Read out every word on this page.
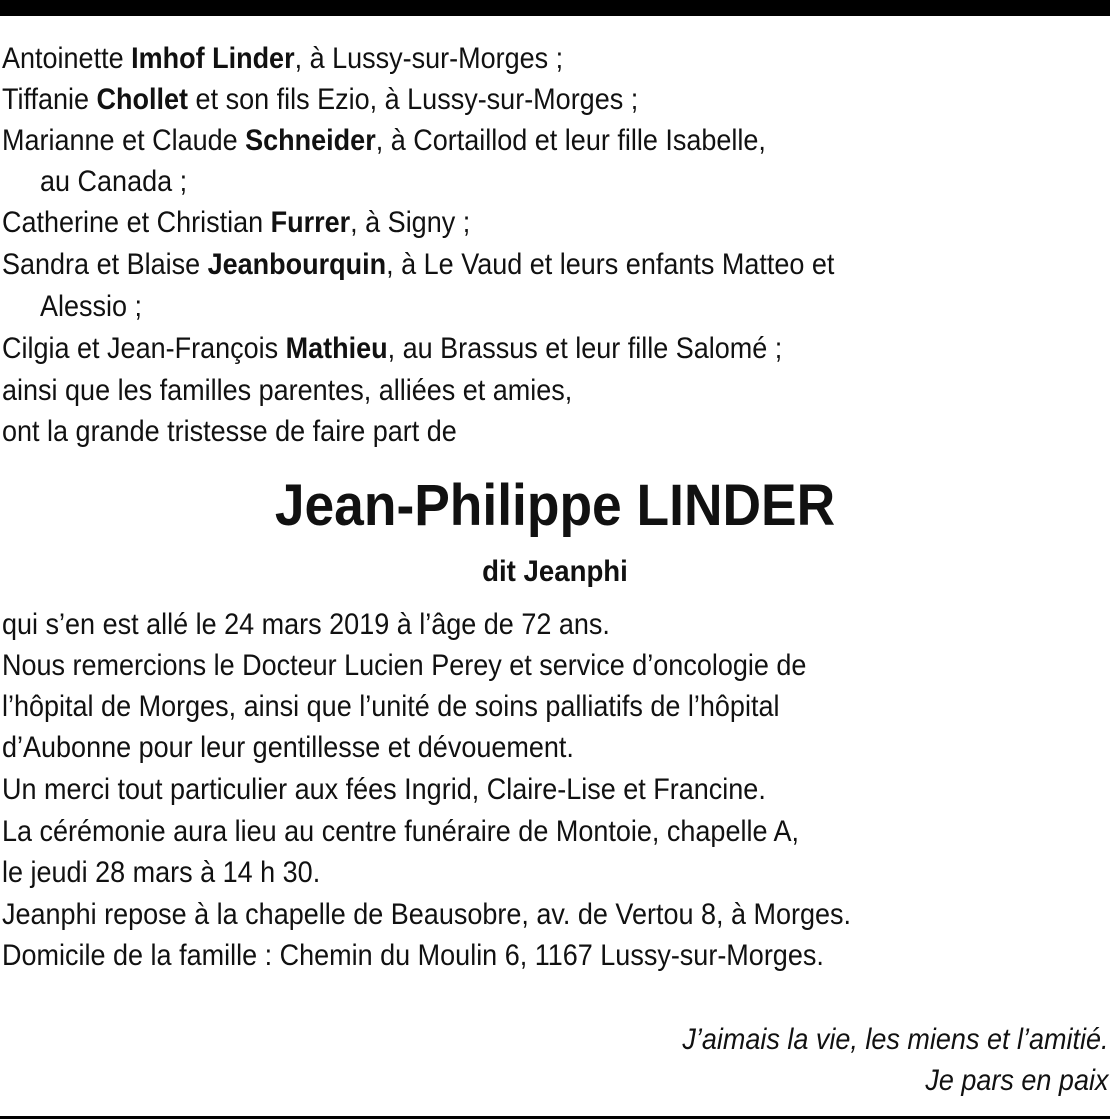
Antoinette Imhof Linder, à Lussy-sur-Morges ;
Tiffanie Chollet et son fils Ezio, à Lussy-sur-Morges ;
Marianne et Claude Schneider, à Cortaillod et leur fille Isabelle,
au Canada ;
Catherine et Christian Furrer, à Signy ;
Sandra et Blaise Jeanbourquin, à Le Vaud et leurs enfants Matteo et
Alessio ;
Cilgia et Jean-François Mathieu, au Brassus et leur fille Salomé ;
ainsi que les familles parentes, alliées et amies,
ont la grande tristesse de faire part de
Jean-Philippe LINDER
dit Jeanphi
qui s’en est allé le 24 mars 2019 à l’âge de 72 ans.
Nous remercions le Docteur Lucien Perey et service d’oncologie de
l’hôpital de Morges, ainsi que l’unité de soins palliatifs de l’hôpital
d’Aubonne pour leur gentillesse et dévouement.
Un merci tout particulier aux fées Ingrid, Claire-Lise et Francine.
La cérémonie aura lieu au centre funéraire de Montoie, chapelle A,
le jeudi 28 mars à 14 h 30.
Jeanphi repose à la chapelle de Beausobre, av. de Vertou 8, à Morges.
Domicile de la famille : Chemin du Moulin 6, 1167 Lussy-sur-Morges.
J’aimais la vie, les miens et l’amitié.
Je pars en paix
